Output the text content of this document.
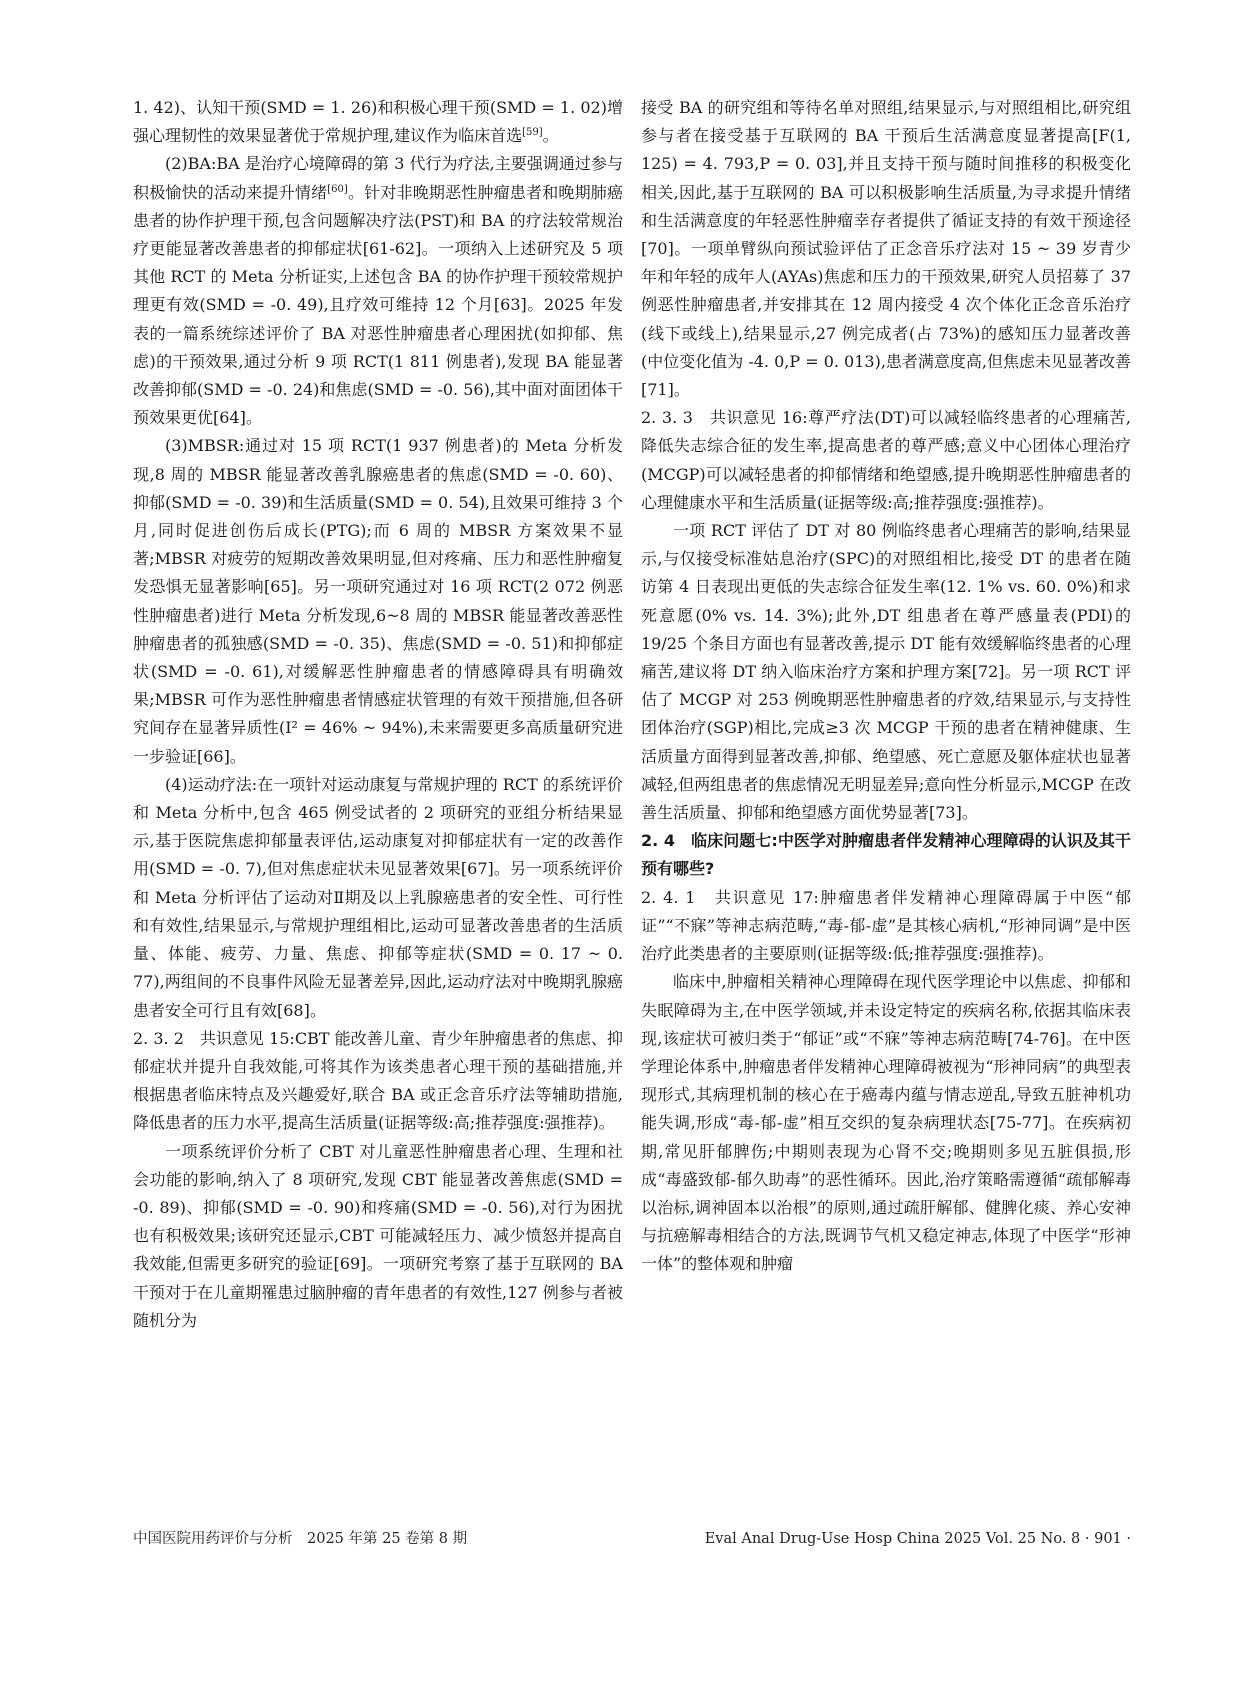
1. 42)、认知干预(SMD = 1. 26)和积极心理干预(SMD = 1. 02)增强心理韧性的效果显著优于常规护理,建议作为临床首选[59]。

(2)BA:BA 是治疗心境障碍的第 3 代行为疗法,主要强调通过参与积极愉快的活动来提升情绪[60]。针对非晚期恶性肿瘤患者和晚期肺癌患者的协作护理干预,包含问题解决疗法(PST)和 BA 的疗法较常规治疗更能显著改善患者的抑郁症状[61-62]。一项纳入上述研究及 5 项其他 RCT 的 Meta 分析证实,上述包含 BA 的协作护理干预较常规护理更有效(SMD = -0. 49),且疗效可维持 12 个月[63]。2025 年发表的一篇系统综述评价了 BA 对恶性肿瘤患者心理困扰(如抑郁、焦虑)的干预效果,通过分析 9 项 RCT(1 811 例患者),发现 BA 能显著改善抑郁(SMD = -0. 24)和焦虑(SMD = -0. 56),其中面对面团体干预效果更优[64]。

(3)MBSR:通过对 15 项 RCT(1 937 例患者)的 Meta 分析发现,8 周的 MBSR 能显著改善乳腺癌患者的焦虑(SMD = -0. 60)、抑郁(SMD = -0. 39)和生活质量(SMD = 0. 54),且效果可维持 3 个月,同时促进创伤后成长(PTG);而 6 周的 MBSR 方案效果不显著;MBSR 对疲劳的短期改善效果明显,但对疼痛、压力和恶性肿瘤复发恐惧无显著影响[65]。另一项研究通过对 16 项 RCT(2 072 例恶性肿瘤患者)进行 Meta 分析发现,6~8 周的 MBSR 能显著改善恶性肿瘤患者的孤独感(SMD = -0. 35)、焦虑(SMD = -0. 51)和抑郁症状(SMD = -0. 61),对缓解恶性肿瘤患者的情感障碍具有明确效果;MBSR 可作为恶性肿瘤患者情感症状管理的有效干预措施,但各研究间存在显著异质性(I² = 46% ~ 94%),未来需要更多高质量研究进一步验证[66]。

(4)运动疗法:在一项针对运动康复与常规护理的 RCT 的系统评价和 Meta 分析中,包含 465 例受试者的 2 项研究的亚组分析结果显示,基于医院焦虑抑郁量表评估,运动康复对抑郁症状有一定的改善作用(SMD = -0. 7),但对焦虑症状未见显著效果[67]。另一项系统评价和 Meta 分析评估了运动对Ⅱ期及以上乳腺癌患者的安全性、可行性和有效性,结果显示,与常规护理组相比,运动可显著改善患者的生活质量、体能、疲劳、力量、焦虑、抑郁等症状(SMD = 0. 17 ~ 0. 77),两组间的不良事件风险无显著差异,因此,运动疗法对中晚期乳腺癌患者安全可行且有效[68]。

2. 3. 2　共识意见 15:CBT 能改善儿童、青少年肿瘤患者的焦虑、抑郁症状并提升自我效能,可将其作为该类患者心理干预的基础措施,并根据患者临床特点及兴趣爱好,联合 BA 或正念音乐疗法等辅助措施,降低患者的压力水平,提高生活质量(证据等级:高;推荐强度:强推荐)。

一项系统评价分析了 CBT 对儿童恶性肿瘤患者心理、生理和社会功能的影响,纳入了 8 项研究,发现 CBT 能显著改善焦虑(SMD = -0. 89)、抑郁(SMD = -0. 90)和疼痛(SMD = -0. 56),对行为困扰也有积极效果;该研究还显示,CBT 可能减轻压力、减少愤怒并提高自我效能,但需更多研究的验证[69]。一项研究考察了基于互联网的 BA 干预对于在儿童期罹患过脑肿瘤的青年患者的有效性,127 例参与者被随机分为

接受 BA 的研究组和等待名单对照组,结果显示,与对照组相比,研究组参与者在接受基于互联网的 BA 干预后生活满意度显著提高[F(1, 125) = 4. 793,P = 0. 03],并且支持干预与随时间推移的积极变化相关,因此,基于互联网的 BA 可以积极影响生活质量,为寻求提升情绪和生活满意度的年轻恶性肿瘤幸存者提供了循证支持的有效干预途径[70]。一项单臂纵向预试验评估了正念音乐疗法对 15 ~ 39 岁青少年和年轻的成年人(AYAs)焦虑和压力的干预效果,研究人员招募了 37 例恶性肿瘤患者,并安排其在 12 周内接受 4 次个体化正念音乐治疗(线下或线上),结果显示,27 例完成者(占 73%)的感知压力显著改善(中位变化值为 -4. 0,P = 0. 013),患者满意度高,但焦虑未见显著改善[71]。

2. 3. 3　共识意见 16:尊严疗法(DT)可以减轻临终患者的心理痛苦,降低失志综合征的发生率,提高患者的尊严感;意义中心团体心理治疗(MCGP)可以减轻患者的抑郁情绪和绝望感,提升晚期恶性肿瘤患者的心理健康水平和生活质量(证据等级:高;推荐强度:强推荐)。

一项 RCT 评估了 DT 对 80 例临终患者心理痛苦的影响,结果显示,与仅接受标准姑息治疗(SPC)的对照组相比,接受 DT 的患者在随访第 4 日表现出更低的失志综合征发生率(12. 1% vs. 60. 0%)和求死意愿(0% vs. 14. 3%);此外,DT 组患者在尊严感量表(PDI)的 19/25 个条目方面也有显著改善,提示 DT 能有效缓解临终患者的心理痛苦,建议将 DT 纳入临床治疗方案和护理方案[72]。另一项 RCT 评估了 MCGP 对 253 例晚期恶性肿瘤患者的疗效,结果显示,与支持性团体治疗(SGP)相比,完成≥3 次 MCGP 干预的患者在精神健康、生活质量方面得到显著改善,抑郁、绝望感、死亡意愿及躯体症状也显著减轻,但两组患者的焦虑情况无明显差异;意向性分析显示,MCGP 在改善生活质量、抑郁和绝望感方面优势显著[73]。

2. 4　临床问题七:中医学对肿瘤患者伴发精神心理障碍的认识及其干预有哪些?

2. 4. 1　共识意见 17:肿瘤患者伴发精神心理障碍属于中医“郁证”“不寐”等神志病范畴,“毒-郁-虚”是其核心病机,“形神同调”是中医治疗此类患者的主要原则(证据等级:低;推荐强度:强推荐)。

临床中,肿瘤相关精神心理障碍在现代医学理论中以焦虑、抑郁和失眠障碍为主,在中医学领域,并未设定特定的疾病名称,依据其临床表现,该症状可被归类于“郁证”或“不寐”等神志病范畴[74-76]。在中医学理论体系中,肿瘤患者伴发精神心理障碍被视为“形神同病”的典型表现形式,其病理机制的核心在于癌毒内蕴与情志逆乱,导致五脏神机功能失调,形成“毒-郁-虚”相互交织的复杂病理状态[75-77]。在疾病初期,常见肝郁脾伤;中期则表现为心肾不交;晚期则多见五脏俱损,形成“毒盛致郁-郁久助毒”的恶性循环。因此,治疗策略需遵循“疏郁解毒以治标,调神固本以治根”的原则,通过疏肝解郁、健脾化痰、养心安神与抗癌解毒相结合的方法,既调节气机又稳定神志,体现了中医学“形神一体”的整体观和肿瘤

中国医院用药评价与分析　2025 年第 25 卷第 8 期	Eval Anal Drug-Use Hosp China 2025 Vol. 25 No. 8 · 901 ·
